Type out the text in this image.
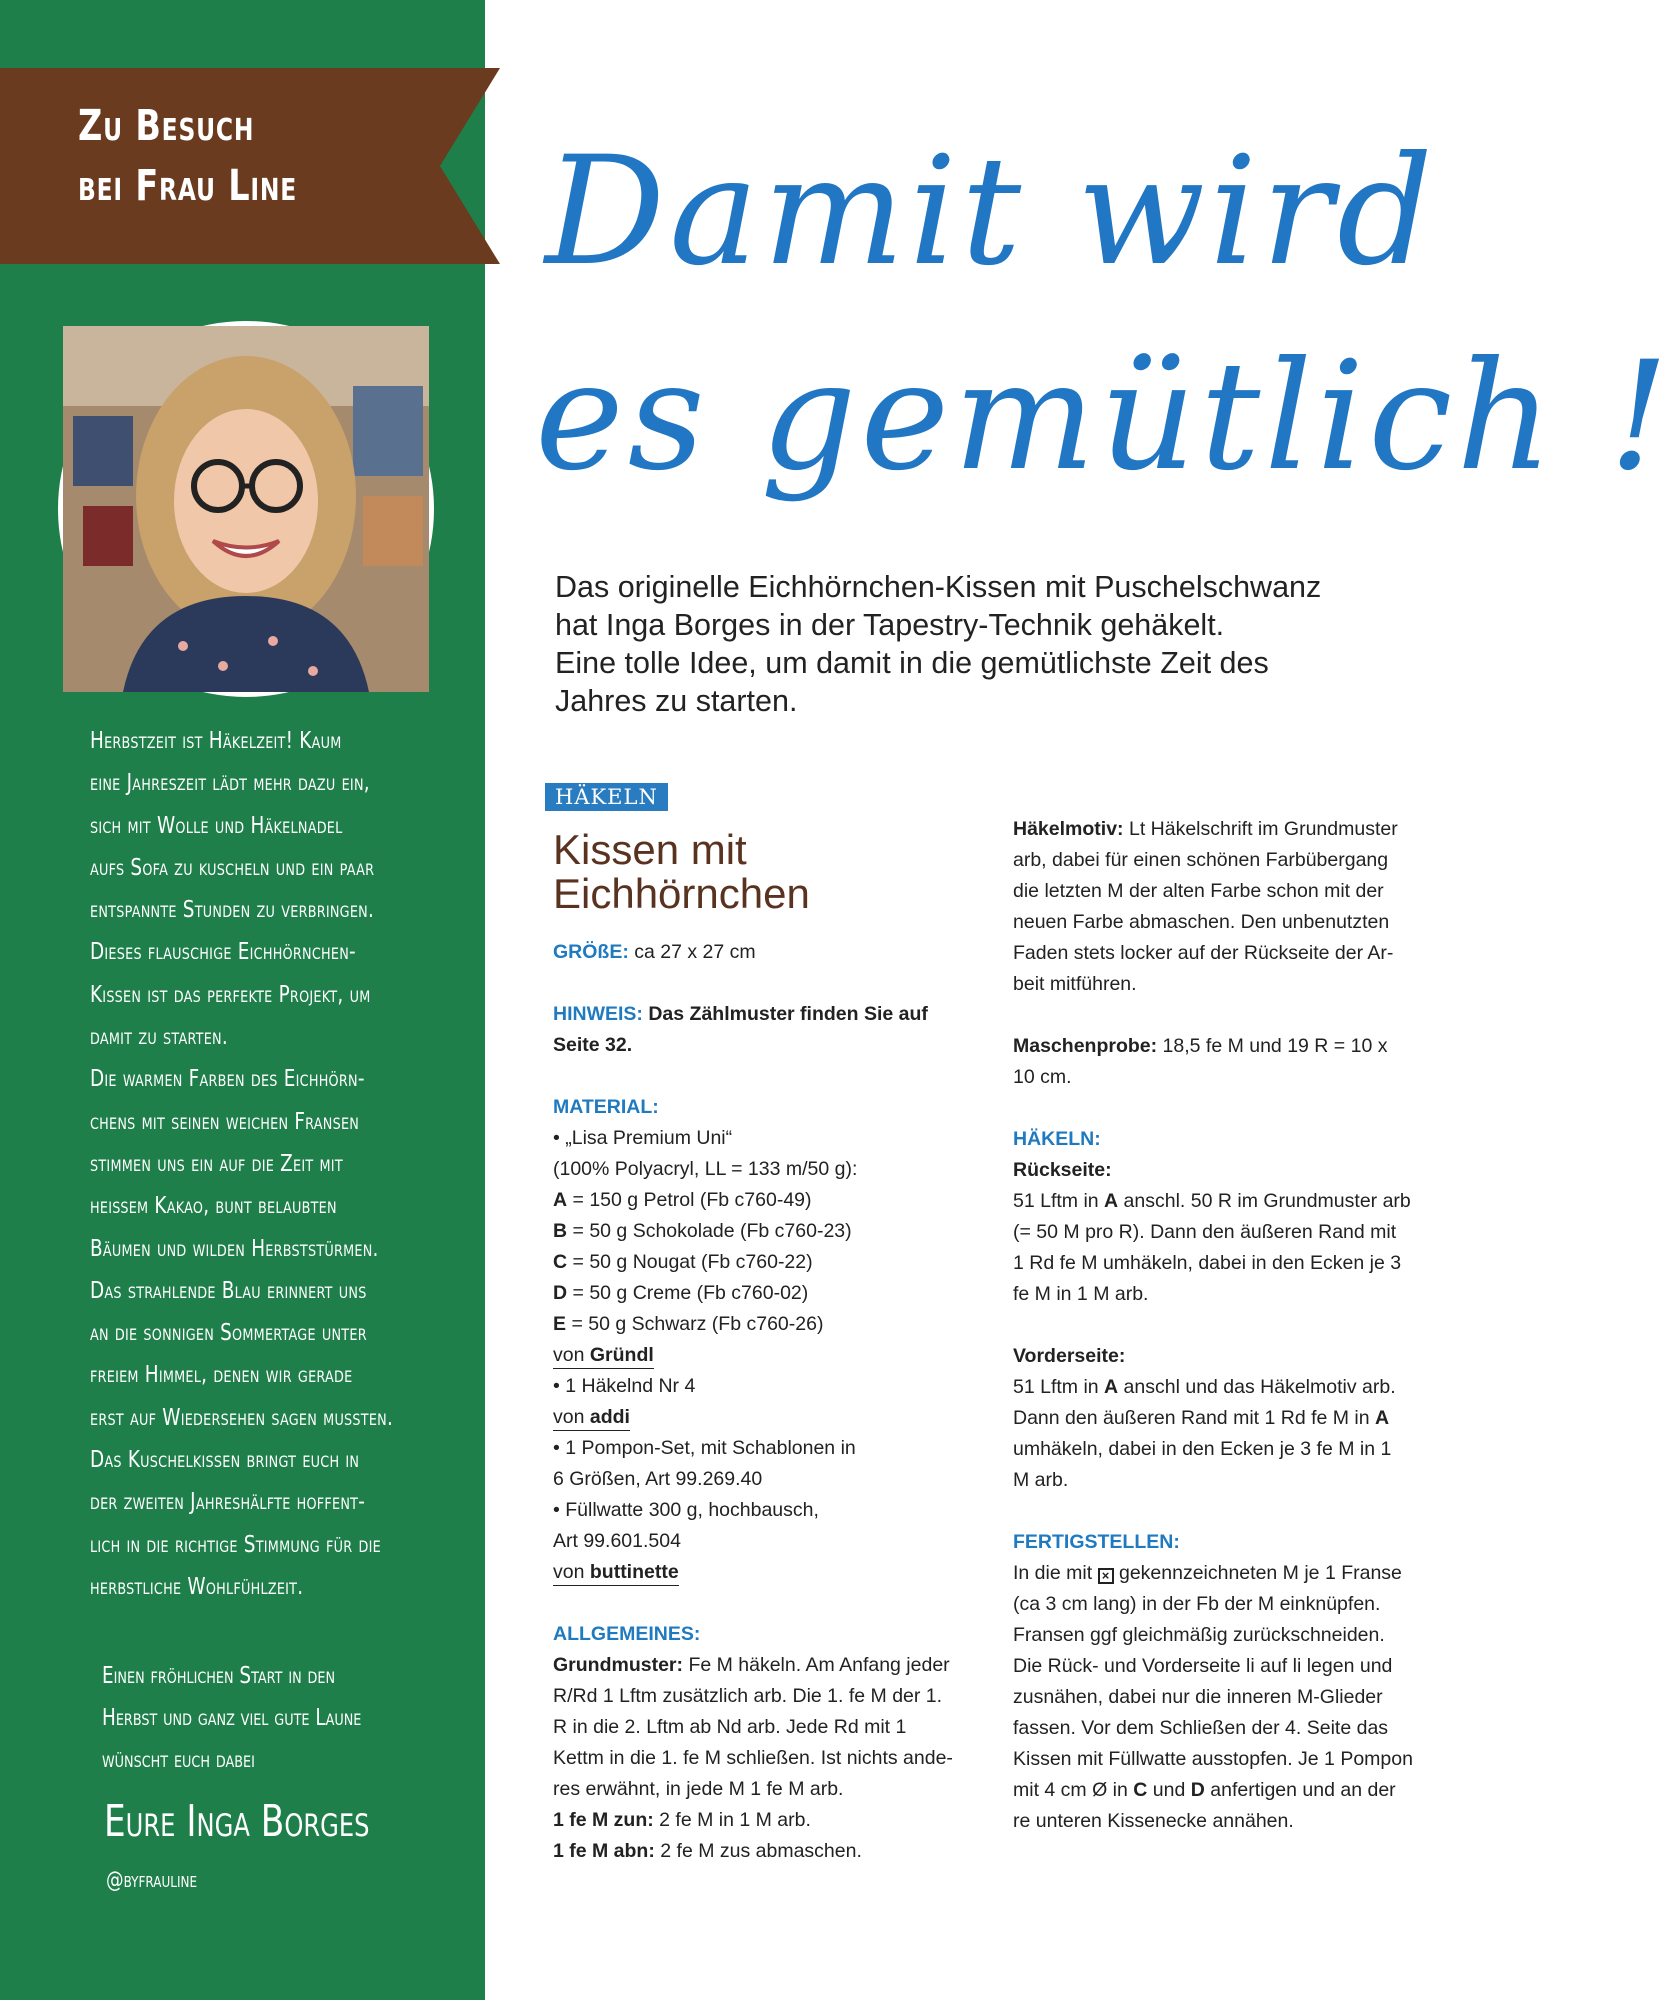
Zu Besuch
bei Frau Line

Herbstzeit ist Häkelzeit! Kaum

eine Jahreszeit lädt mehr dazu ein,

sich mit Wolle und Häkelnadel

aufs Sofa zu kuscheln und ein paar

entspannte Stunden zu verbringen.

Dieses flauschige Eichhörnchen-

Kissen ist das perfekte Projekt, um

damit zu starten.

Die warmen Farben des Eichhörn-

chens mit seinen weichen Fransen

stimmen uns ein auf die Zeit mit

heißem Kakao, bunt belaubten

Bäumen und wilden Herbststürmen.

Das strahlende Blau erinnert uns

an die sonnigen Sommertage unter

freiem Himmel, denen wir gerade

erst auf Wiedersehen sagen mussten.

Das Kuschelkissen bringt euch in

der zweiten Jahreshälfte hoffent-

lich in die richtige Stimmung für die

herbstliche Wohlfühlzeit.

Einen fröhlichen Start in den
Herbst und ganz viel gute Laune
wünscht euch dabei
Eure Inga Borges
@byfrauline
Damit wird
es gemütlich !

Das originelle Eichhörnchen-Kissen mit Puschelschwanz

hat Inga Borges in der Tapestry-Technik gehäkelt.

Eine tolle Idee, um damit in die gemütlichste Zeit des

Jahres zu starten.

HÄKELN
Kissen mit
Eichhörnchen

GRÖßE: ca 27 x 27 cm

HINWEIS: Das Zählmuster finden Sie auf

Seite 32.

MATERIAL:

• „Lisa Premium Uni“

(100% Polyacryl, LL = 133 m/50 g):

A = 150 g Petrol (Fb c760-49)

B = 50 g Schokolade (Fb c760-23)

C = 50 g Nougat (Fb c760-22)

D = 50 g Creme (Fb c760-02)

E = 50 g Schwarz (Fb c760-26)

von Gründl

• 1 Häkelnd Nr 4

von addi

• 1 Pompon-Set, mit Schablonen in

6 Größen, Art 99.269.40

• Füllwatte 300 g, hochbausch,

Art 99.601.504

von buttinette

ALLGEMEINES:

Grundmuster: Fe M häkeln. Am Anfang jeder

R/Rd 1 Lftm zusätzlich arb. Die 1. fe M der 1.

R in die 2. Lftm ab Nd arb. Jede Rd mit 1

Kettm in die 1. fe M schließen. Ist nichts ande-

res erwähnt, in jede M 1 fe M arb.

1 fe M zun: 2 fe M in 1 M arb.

1 fe M abn: 2 fe M zus abmaschen.

Häkelmotiv: Lt Häkelschrift im Grundmuster

arb, dabei für einen schönen Farbübergang

die letzten M der alten Farbe schon mit der

neuen Farbe abmaschen. Den unbenutzten

Faden stets locker auf der Rückseite der Ar-

beit mitführen.

Maschenprobe: 18,5 fe M und 19 R = 10 x

10 cm.

HÄKELN:

Rückseite:

51 Lftm in A anschl. 50 R im Grundmuster arb

(= 50 M pro R). Dann den äußeren Rand mit

1 Rd fe M umhäkeln, dabei in den Ecken je 3

fe M in 1 M arb.

Vorderseite:

51 Lftm in A anschl und das Häkelmotiv arb.

Dann den äußeren Rand mit 1 Rd fe M in A

umhäkeln, dabei in den Ecken je 3 fe M in 1

M arb.

FERTIGSTELLEN:

In die mit × gekennzeichneten M je 1 Franse

(ca 3 cm lang) in der Fb der M einknüpfen.

Fransen ggf gleichmäßig zurückschneiden.

Die Rück- und Vorderseite li auf li legen und

zusnähen, dabei nur die inneren M-Glieder

fassen. Vor dem Schließen der 4. Seite das

Kissen mit Füllwatte ausstopfen. Je 1 Pompon

mit 4 cm Ø in C und D anfertigen und an der

re unteren Kissenecke annähen.
